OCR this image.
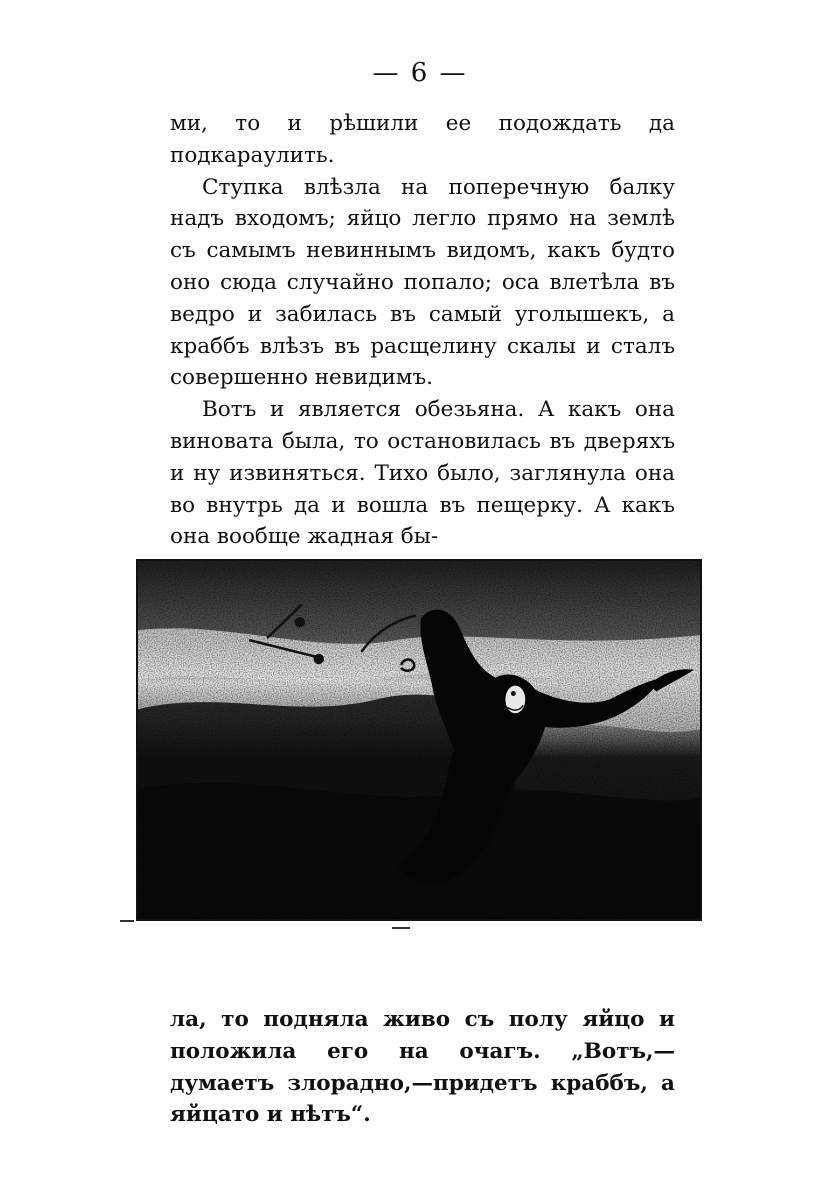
— 6 —

ми, то и рѣшили ее подождать да подкараулить.

Ступка влѣзла на поперечную балку надъ входомъ; яйцо легло прямо на землѣ съ самымъ невиннымъ видомъ, какъ будто оно сюда случайно попало; оса влетѣла въ ведро и забилась въ самый уголышекъ, а краббъ влѣзъ въ расщелину скалы и сталъ совершенно невидимъ.

Вотъ и является обезьяна. А какъ она виновата была, то остановилась въ дверяхъ и ну извиняться. Тихо было, заглянула она во внутрь да и вошла въ пещерку. А какъ она вообще жадная бы-

ла, то подняла живо съ полу яйцо и положила его на очагъ. „Вотъ,—думаетъ злорадно,—придетъ краббъ, а яйцато и нѣтъ“.
